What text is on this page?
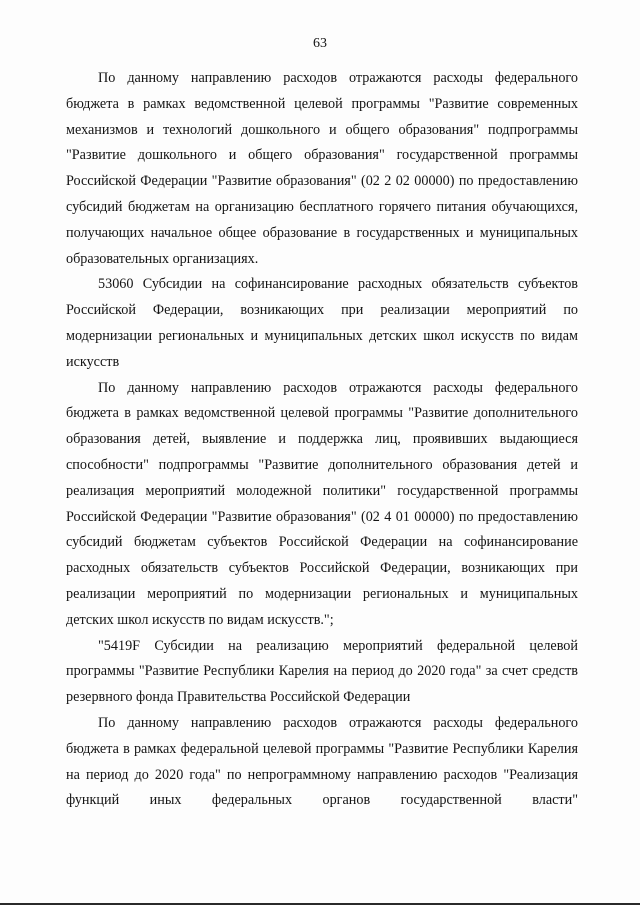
63

По данному направлению расходов отражаются расходы федерального бюджета в рамках ведомственной целевой программы "Развитие современных механизмов и технологий дошкольного и общего образования" подпрограммы "Развитие дошкольного и общего образования" государственной программы Российской Федерации "Развитие образования" (02 2 02 00000) по предоставлению субсидий бюджетам на организацию бесплатного горячего питания обучающихся, получающих начальное общее образование в государственных и муниципальных образовательных организациях.

53060 Субсидии на софинансирование расходных обязательств субъектов Российской Федерации, возникающих при реализации мероприятий по модернизации региональных и муниципальных детских школ искусств по видам искусств

По данному направлению расходов отражаются расходы федерального бюджета в рамках ведомственной целевой программы "Развитие дополнительного образования детей, выявление и поддержка лиц, проявивших выдающиеся способности" подпрограммы "Развитие дополнительного образования детей и реализация мероприятий молодежной политики" государственной программы Российской Федерации "Развитие образования" (02 4 01 00000) по предоставлению субсидий бюджетам субъектов Российской Федерации на софинансирование расходных обязательств субъектов Российской Федерации, возникающих при реализации мероприятий по модернизации региональных и муниципальных детских школ искусств по видам искусств.";

"5419F Субсидии на реализацию мероприятий федеральной целевой программы "Развитие Республики Карелия на период до 2020 года" за счет средств резервного фонда Правительства Российской Федерации

По данному направлению расходов отражаются расходы федерального бюджета в рамках федеральной целевой программы "Развитие Республики Карелия на период до 2020 года" по непрограммному направлению расходов "Реализация функций иных федеральных органов государственной власти"
